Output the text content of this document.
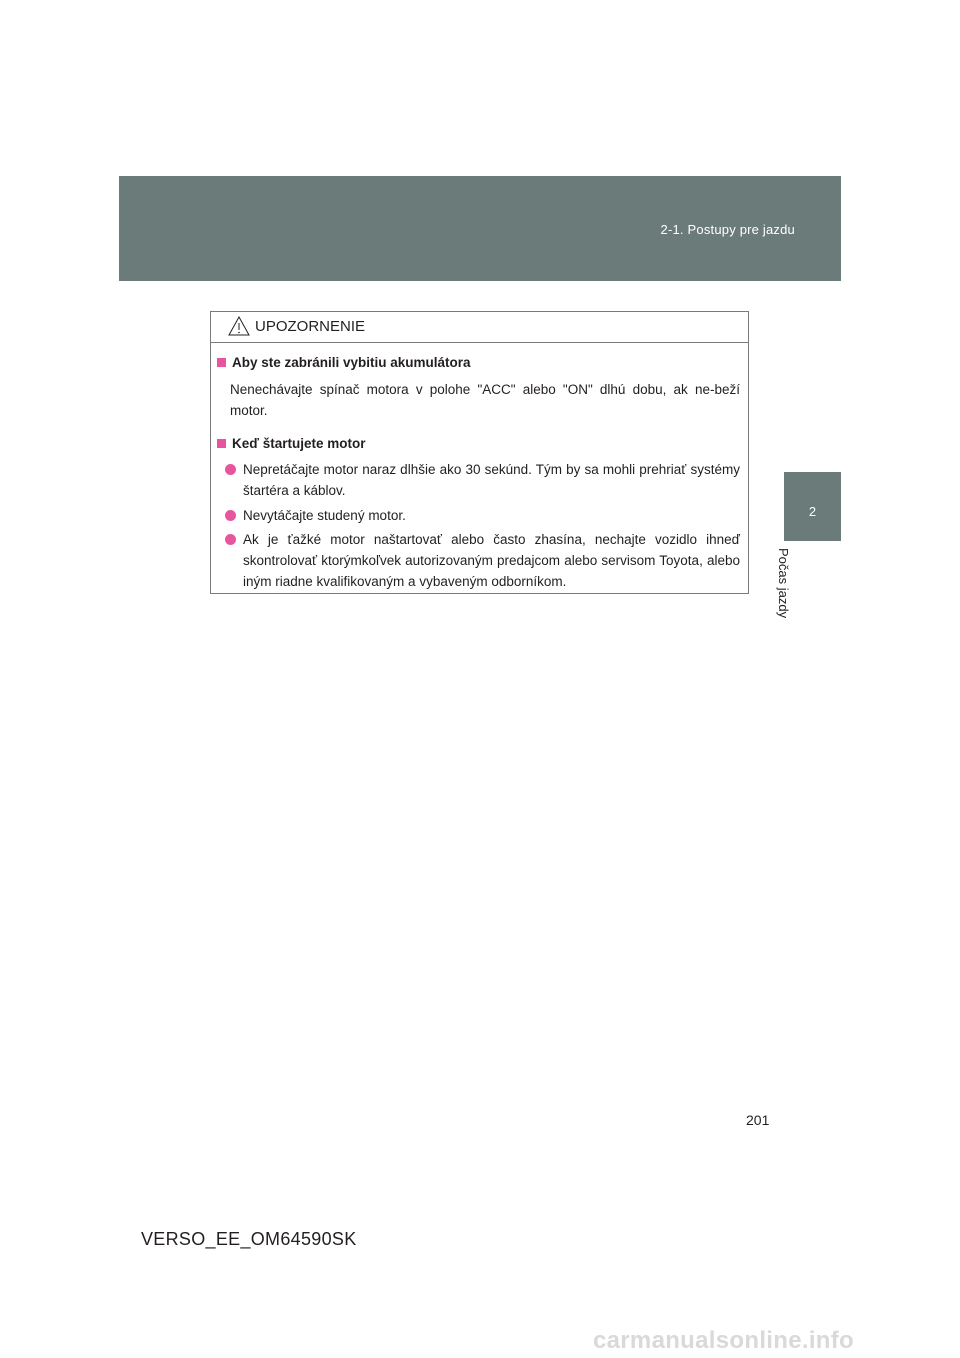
2-1. Postupy pre jazdu
2
Počas jazdy
UPOZORNENIE
Aby ste zabránili vybitiu akumulátora
Nenechávajte spínač motora v polohe "ACC" alebo "ON" dlhú dobu, ak ne-beží motor.
Keď štartujete motor
Nepretáčajte motor naraz dlhšie ako 30 sekúnd. Tým by sa mohli prehriať systémy štartéra a káblov.
Nevytáčajte studený motor.
Ak je ťažké motor naštartovať alebo často zhasína, nechajte vozidlo ihneď skontrolovať ktorýmkoľvek autorizovaným predajcom alebo servisom Toyota, alebo iným riadne kvalifikovaným a vybaveným odborníkom.
201
VERSO_EE_OM64590SK
carmanualsonline.info
